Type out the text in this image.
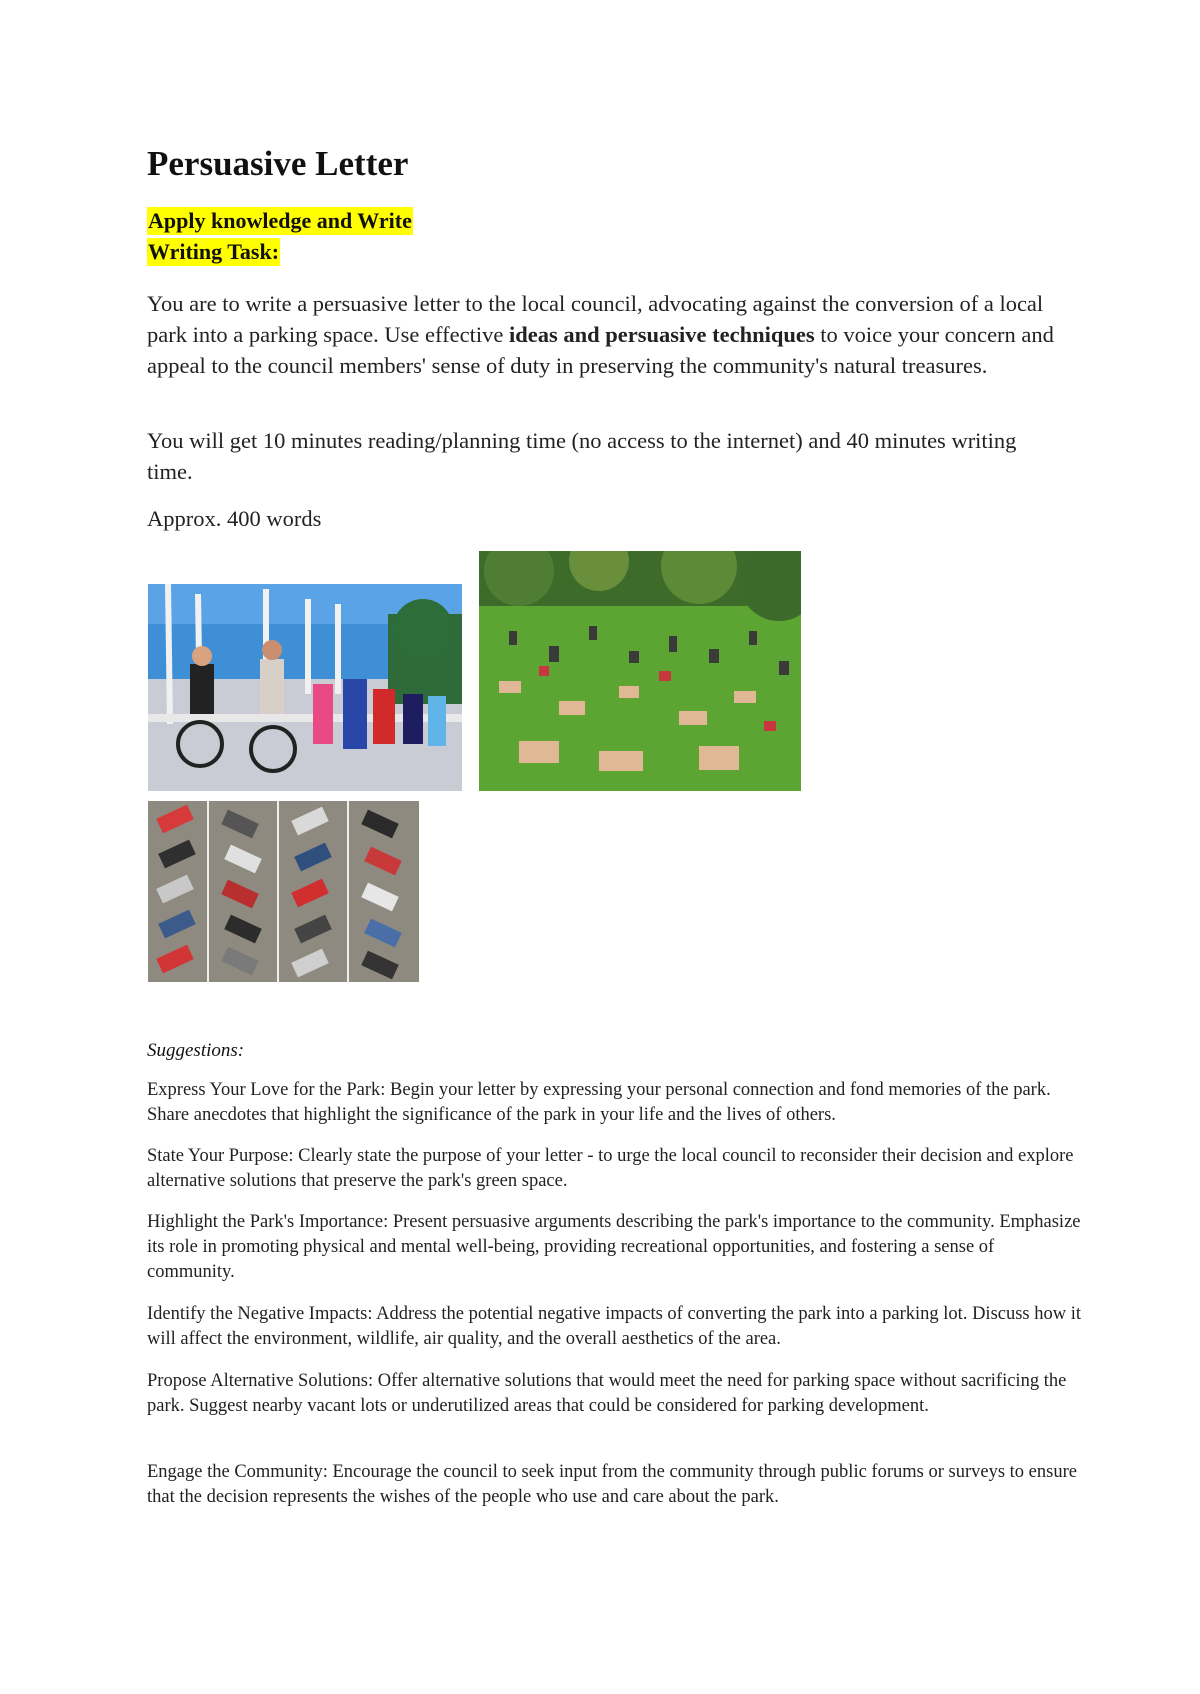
Persuasive Letter
Apply knowledge and Write
Writing Task:

You are to write a persuasive letter to the local council, advocating against the conversion of a local park into a parking space. Use effective ideas and persuasive techniques to voice your concern and appeal to the council members' sense of duty in preserving the community's natural treasures.

You will get 10 minutes reading/planning time (no access to the internet) and 40 minutes writing time.

Approx. 400 words

Suggestions:

Express Your Love for the Park: Begin your letter by expressing your personal connection and fond memories of the park. Share anecdotes that highlight the significance of the park in your life and the lives of others.

State Your Purpose: Clearly state the purpose of your letter - to urge the local council to reconsider their decision and explore alternative solutions that preserve the park's green space.

Highlight the Park's Importance: Present persuasive arguments describing the park's importance to the community. Emphasize its role in promoting physical and mental well-being, providing recreational opportunities, and fostering a sense of community.

Identify the Negative Impacts: Address the potential negative impacts of converting the park into a parking lot. Discuss how it will affect the environment, wildlife, air quality, and the overall aesthetics of the area.

Propose Alternative Solutions: Offer alternative solutions that would meet the need for parking space without sacrificing the park. Suggest nearby vacant lots or underutilized areas that could be considered for parking development.

Engage the Community: Encourage the council to seek input from the community through public forums or surveys to ensure that the decision represents the wishes of the people who use and care about the park.
